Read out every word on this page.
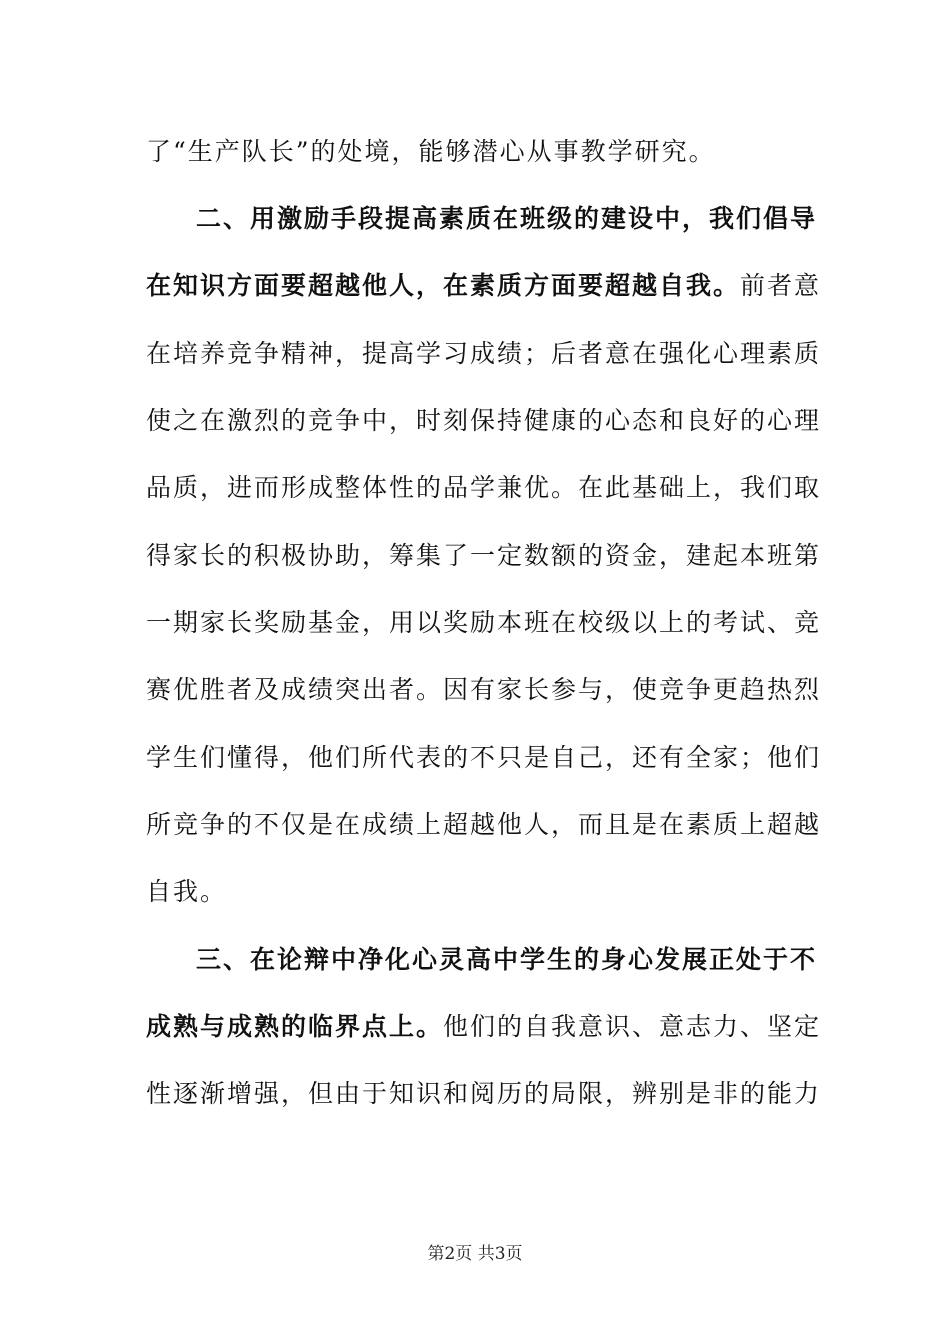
了“生产队长”的处境，能够潜心从事教学研究。
二、用激励手段提高素质在班级的建设中，我们倡导
在知识方面要超越他人，在素质方面要超越自我。前者意
在培养竞争精神，提高学习成绩；后者意在强化心理素质
使之在激烈的竞争中，时刻保持健康的心态和良好的心理
品质，进而形成整体性的品学兼优。在此基础上，我们取
得家长的积极协助，筹集了一定数额的资金，建起本班第
一期家长奖励基金，用以奖励本班在校级以上的考试、竞
赛优胜者及成绩突出者。因有家长参与，使竞争更趋热烈
学生们懂得，他们所代表的不只是自己，还有全家；他们
所竞争的不仅是在成绩上超越他人，而且是在素质上超越
自我。
三、在论辩中净化心灵高中学生的身心发展正处于不
成熟与成熟的临界点上。他们的自我意识、意志力、坚定
性逐渐增强，但由于知识和阅历的局限，辨别是非的能力
第2页 共3页
